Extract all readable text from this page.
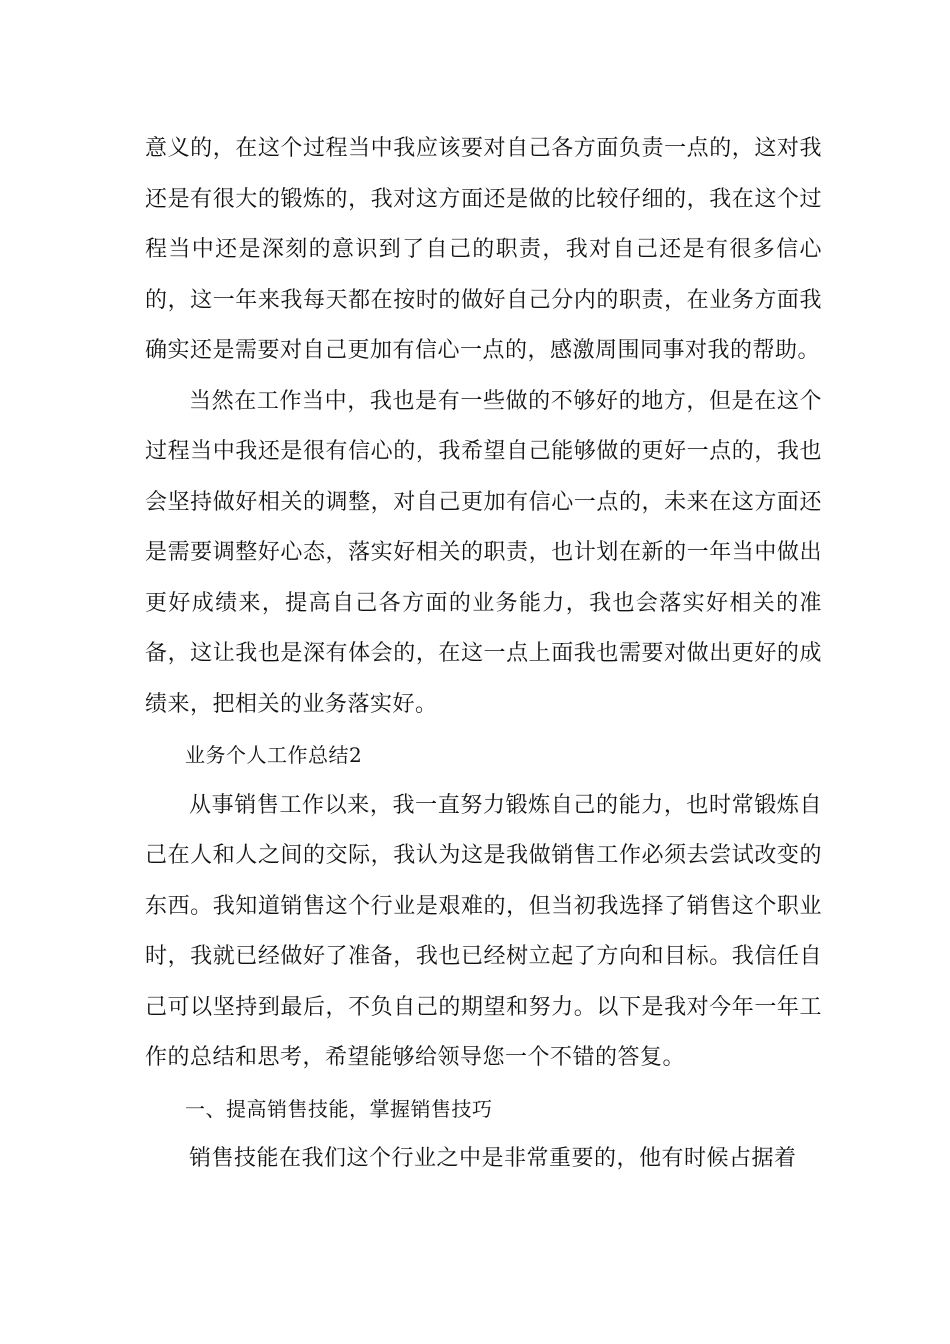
意义的，在这个过程当中我应该要对自己各方面负责一点的，这对我还是有很大的锻炼的，我对这方面还是做的比较仔细的，我在这个过程当中还是深刻的意识到了自己的职责，我对自己还是有很多信心的，这一年来我每天都在按时的做好自己分内的职责，在业务方面我确实还是需要对自己更加有信心一点的，感激周围同事对我的帮助。

当然在工作当中，我也是有一些做的不够好的地方，但是在这个过程当中我还是很有信心的，我希望自己能够做的更好一点的，我也会坚持做好相关的调整，对自己更加有信心一点的，未来在这方面还是需要调整好心态，落实好相关的职责，也计划在新的一年当中做出更好成绩来，提高自己各方面的业务能力，我也会落实好相关的准备，这让我也是深有体会的，在这一点上面我也需要对做出更好的成绩来，把相关的业务落实好。

业务个人工作总结2

从事销售工作以来，我一直努力锻炼自己的能力，也时常锻炼自己在人和人之间的交际，我认为这是我做销售工作必须去尝试改变的东西。我知道销售这个行业是艰难的，但当初我选择了销售这个职业时，我就已经做好了准备，我也已经树立起了方向和目标。我信任自己可以坚持到最后，不负自己的期望和努力。以下是我对今年一年工作的总结和思考，希望能够给领导您一个不错的答复。

一、提高销售技能，掌握销售技巧

销售技能在我们这个行业之中是非常重要的，他有时候占据着
